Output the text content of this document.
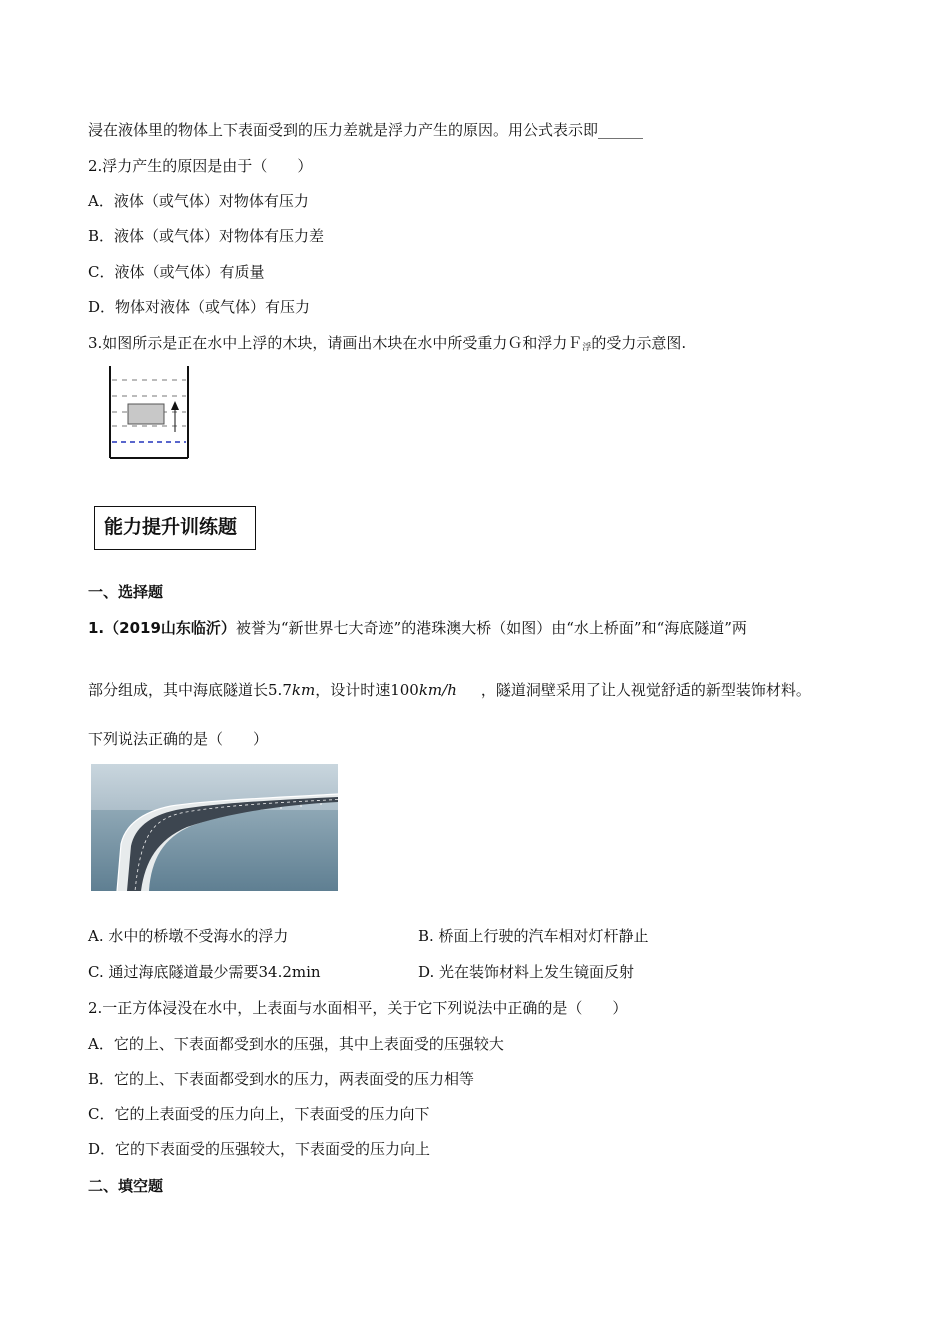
浸在液体里的物体上下表面受到的压力差就是浮力产生的原因。用公式表示即______
2.浮力产生的原因是由于（　　）
A．液体（或气体）对物体有压力
B．液体（或气体）对物体有压力差
C．液体（或气体）有质量
D．物体对液体（或气体）有压力
3.如图所示是正在水中上浮的木块，请画出木块在水中所受重力Ｇ和浮力Ｆ$_浮$的受力示意图.
能力提升训练题
一、选择题
1.（2019山东临沂）被誉为“新世界七大奇迹”的港珠澳大桥（如图）由“水上桥面”和“海底隧道”两
部分组成，其中海底隧道长5.7km，设计时速100km/h ，隧道洞壁采用了让人视觉舒适的新型装饰材料。
下列说法正确的是（　　）
A. 水中的桥墩不受海水的浮力	B. 桥面上行驶的汽车相对灯杆静止
C. 通过海底隧道最少需要34.2min	D. 光在装饰材料上发生镜面反射
2.一正方体浸没在水中，上表面与水面相平，关于它下列说法中正确的是（　　）
A．它的上、下表面都受到水的压强，其中上表面受的压强较大
B．它的上、下表面都受到水的压力，两表面受的压力相等
C．它的上表面受的压力向上，下表面受的压力向下
D．它的下表面受的压强较大，下表面受的压力向上
二、填空题
